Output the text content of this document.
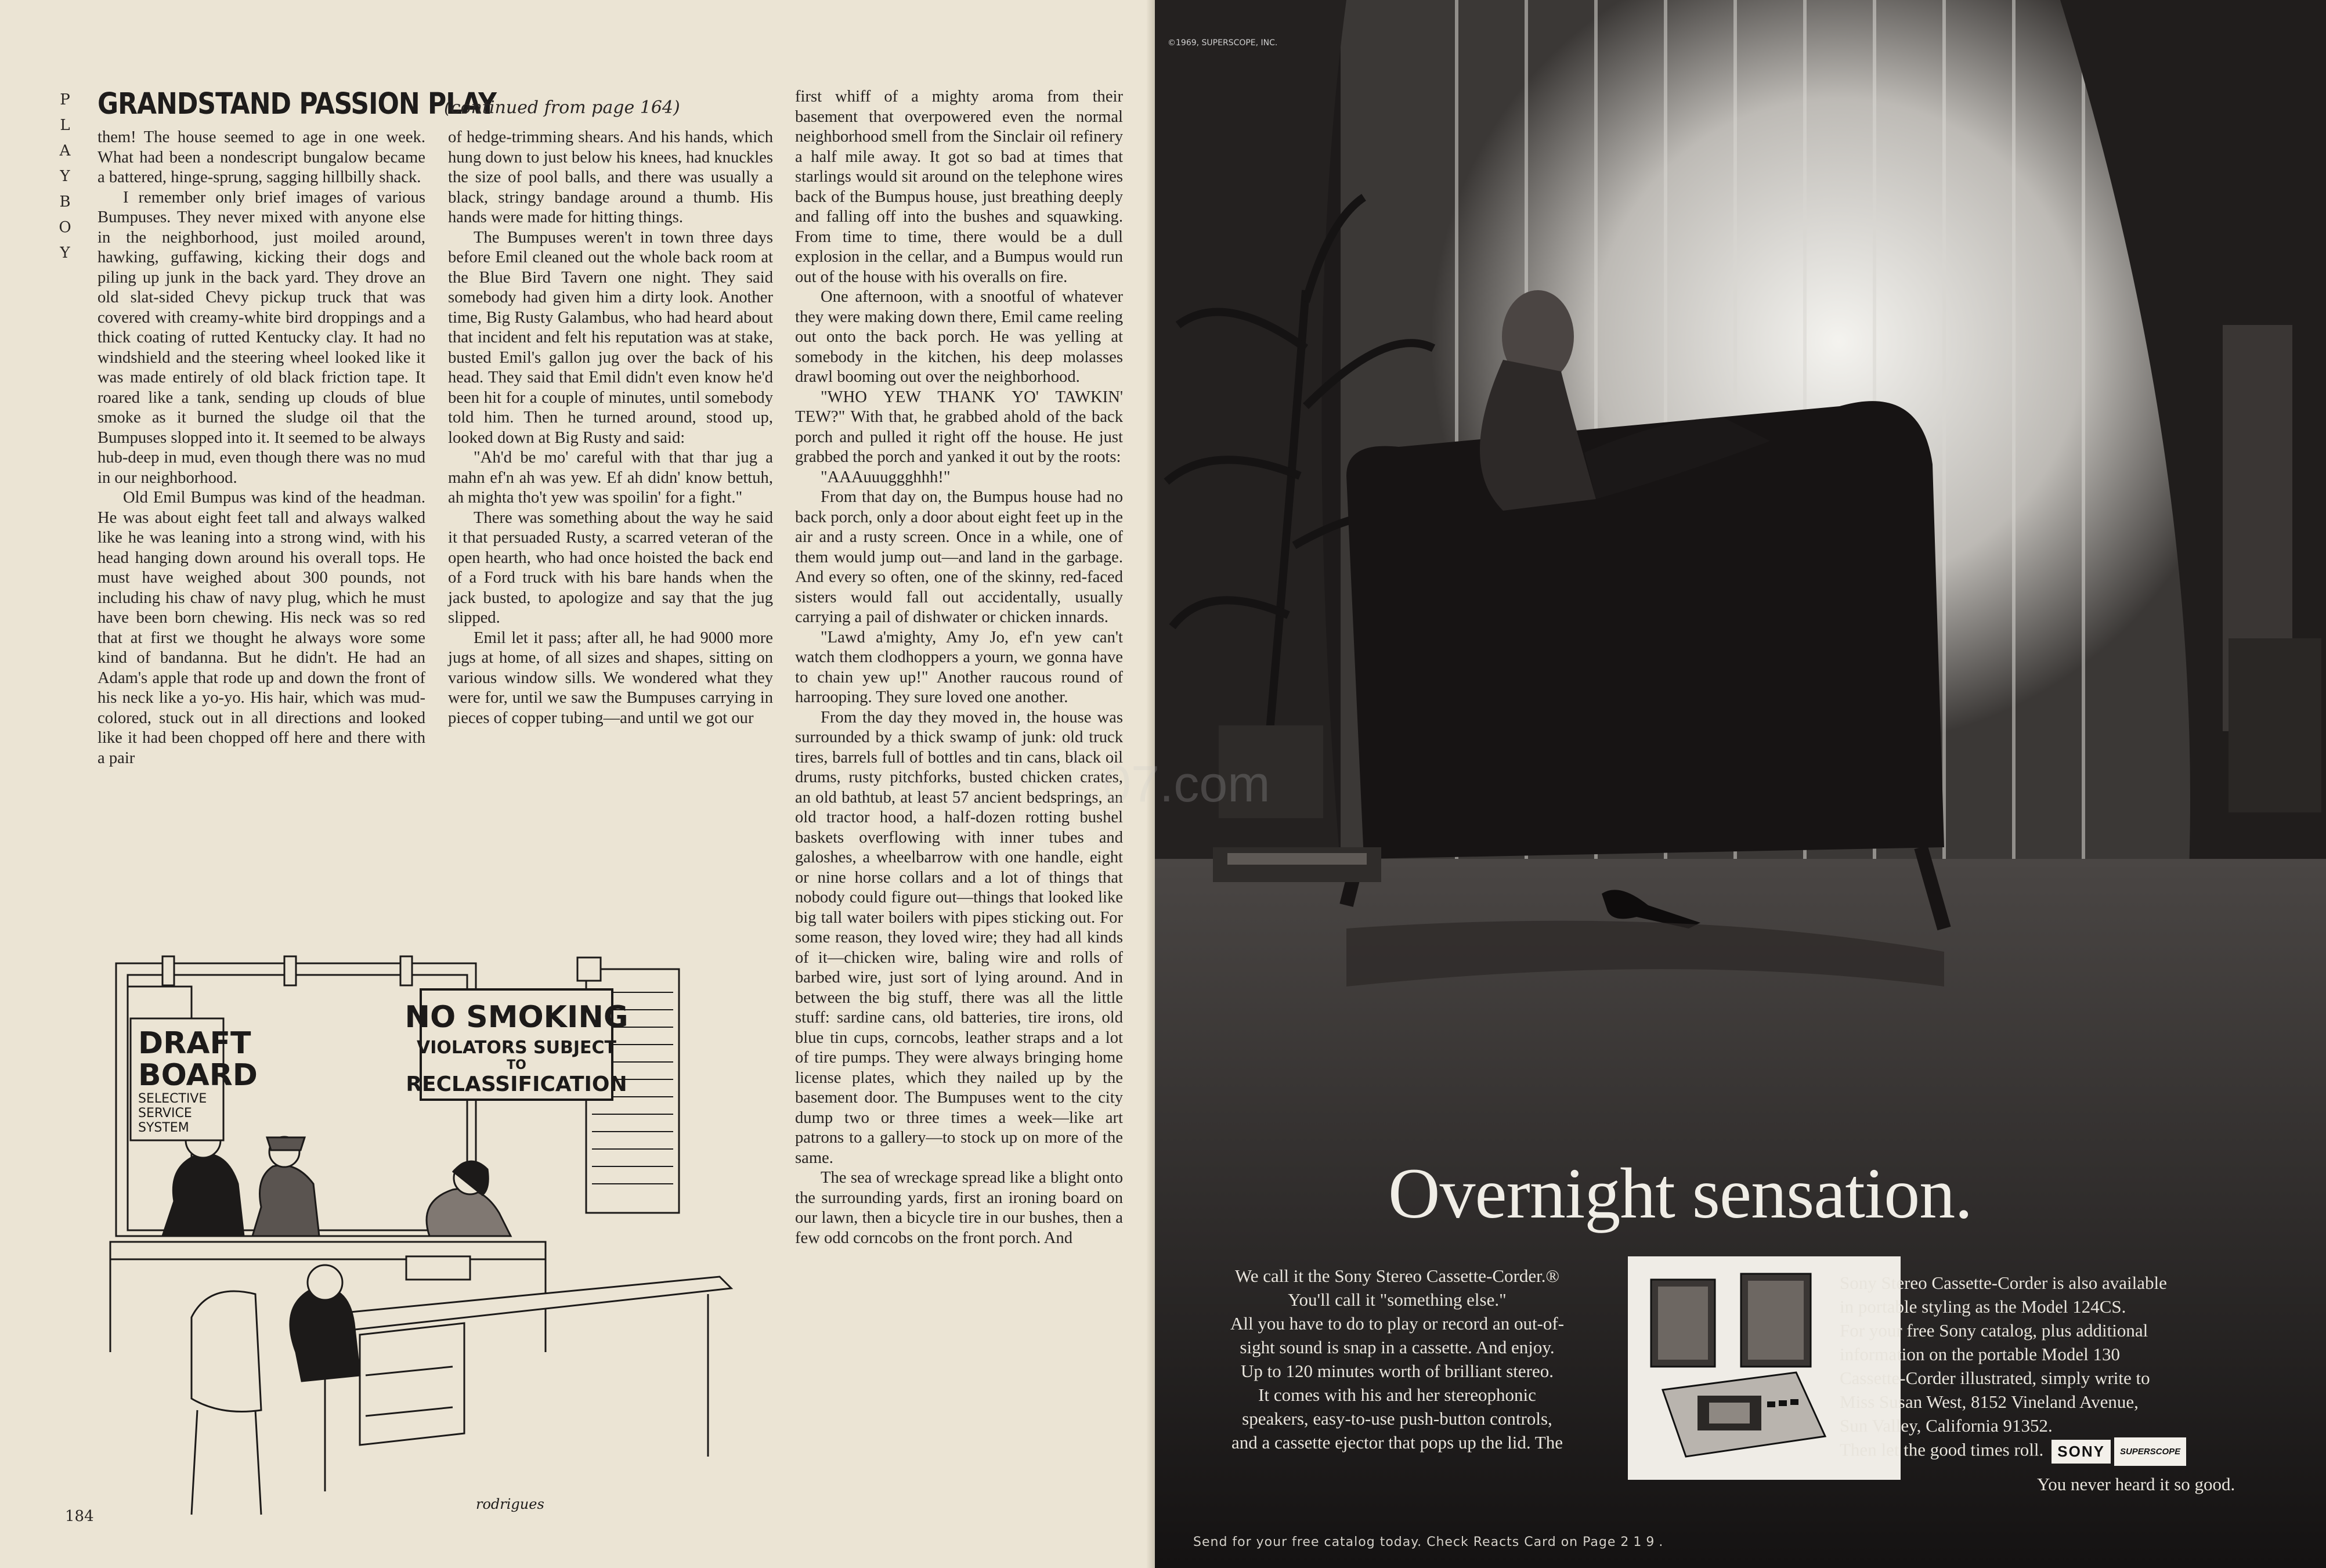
P
L
A
Y
B
O
Y
GRANDSTAND PASSION PLAY
(continued from page 164)

them! The house seemed to age in one week. What had been a nondescript bungalow became a battered, hinge-sprung, sagging hillbilly shack.

I remember only brief images of various Bumpuses. They never mixed with anyone else in the neighborhood, just moiled around, hawking, guffawing, kicking their dogs and piling up junk in the back yard. They drove an old slat-sided Chevy pickup truck that was covered with creamy-white bird droppings and a thick coating of rutted Kentucky clay. It had no windshield and the steering wheel looked like it was made entirely of old black friction tape. It roared like a tank, sending up clouds of blue smoke as it burned the sludge oil that the Bumpuses slopped into it. It seemed to be always hub-deep in mud, even though there was no mud in our neighborhood.

Old Emil Bumpus was kind of the headman. He was about eight feet tall and always walked like he was leaning into a strong wind, with his head hanging down around his overall tops. He must have weighed about 300 pounds, not including his chaw of navy plug, which he must have been born chewing. His neck was so red that at first we thought he always wore some kind of bandanna. But he didn't. He had an Adam's apple that rode up and down the front of his neck like a yo-yo. His hair, which was mud-colored, stuck out in all directions and looked like it had been chopped off here and there with a pair

of hedge-trimming shears. And his hands, which hung down to just below his knees, had knuckles the size of pool balls, and there was usually a black, stringy bandage around a thumb. His hands were made for hitting things.

The Bumpuses weren't in town three days before Emil cleaned out the whole back room at the Blue Bird Tavern one night. They said somebody had given him a dirty look. Another time, Big Rusty Galambus, who had heard about that incident and felt his reputation was at stake, busted Emil's gallon jug over the back of his head. They said that Emil didn't even know he'd been hit for a couple of minutes, until somebody told him. Then he turned around, stood up, looked down at Big Rusty and said:

"Ah'd be mo' careful with that thar jug a mahn ef'n ah was yew. Ef ah didn' know bettuh, ah mighta tho't yew was spoilin' for a fight."

There was something about the way he said it that persuaded Rusty, a scarred veteran of the open hearth, who had once hoisted the back end of a Ford truck with his bare hands when the jack busted, to apologize and say that the jug slipped.

Emil let it pass; after all, he had 9000 more jugs at home, of all sizes and shapes, sitting on various window sills. We wondered what they were for, until we saw the Bumpuses carrying in pieces of copper tubing—and until we got our

first whiff of a mighty aroma from their basement that overpowered even the normal neighborhood smell from the Sinclair oil refinery a half mile away. It got so bad at times that starlings would sit around on the telephone wires back of the Bumpus house, just breathing deeply and falling off into the bushes and squawking. From time to time, there would be a dull explosion in the cellar, and a Bumpus would run out of the house with his overalls on fire.

One afternoon, with a snootful of whatever they were making down there, Emil came reeling out onto the back porch. He was yelling at somebody in the kitchen, his deep molasses drawl booming out over the neighborhood.

"WHO YEW THANK YO' TAWKIN' TEW?" With that, he grabbed ahold of the back porch and pulled it right off the house. He just grabbed the porch and yanked it out by the roots:

"AAAuuuggghhh!"

From that day on, the Bumpus house had no back porch, only a door about eight feet up in the air and a rusty screen. Once in a while, one of them would jump out—and land in the garbage. And every so often, one of the skinny, red-faced sisters would fall out accidentally, usually carrying a pail of dishwater or chicken innards.

"Lawd a'mighty, Amy Jo, ef'n yew can't watch them clodhoppers a yourn, we gonna have to chain yew up!" Another raucous round of harrooping. They sure loved one another.

From the day they moved in, the house was surrounded by a thick swamp of junk: old truck tires, barrels full of bottles and tin cans, black oil drums, rusty pitchforks, busted chicken crates, an old bathtub, at least 57 ancient bedsprings, an old tractor hood, a half-dozen rotting bushel baskets overflowing with inner tubes and galoshes, a wheelbarrow with one handle, eight or nine horse collars and a lot of things that nobody could figure out—things that looked like big tall water boilers with pipes sticking out. For some reason, they loved wire; they had all kinds of it—chicken wire, baling wire and rolls of barbed wire, just sort of lying around. And in between the big stuff, there was all the little stuff: sardine cans, old batteries, tire irons, old blue tin cups, corncobs, leather straps and a lot of tire pumps. They were always bringing home license plates, which they nailed up by the basement door. The Bumpuses went to the city dump two or three times a week—like art patrons to a gallery—to stock up on more of the same.

The sea of wreckage spread like a blight onto the surrounding yards, first an ironing board on our lawn, then a bicycle tire in our bushes, then a few odd corncobs on the front porch. And

DRAFT
BOARD
SELECTIVE
SERVICE
SYSTEM
NO SMOKING
VIOLATORS SUBJECT
TO
RECLASSIFICATION
rodrigues
184
©1969, SUPERSCOPE, INC.
07.com
Overnight sensation.
We call it the Sony Stereo Cassette-Corder.®
You'll call it "something else."
All you have to do to play or record an out-of-
sight sound is snap in a cassette. And enjoy.
Up to 120 minutes worth of brilliant stereo.
It comes with his and her stereophonic
speakers, easy-to-use push-button controls,
and a cassette ejector that pops up the lid. The
Sony Stereo Cassette-Corder is also available
in portable styling as the Model 124CS.
For your free Sony catalog, plus additional
information on the portable Model 130
Cassette-Corder illustrated, simply write to
Miss Susan West, 8152 Vineland Avenue,
Sun Valley, California 91352.
Then let the good times roll. SONY SUPERSCOPE
You never heard it so good.
Send for your free catalog today. Check Reacts Card on Page 219.
